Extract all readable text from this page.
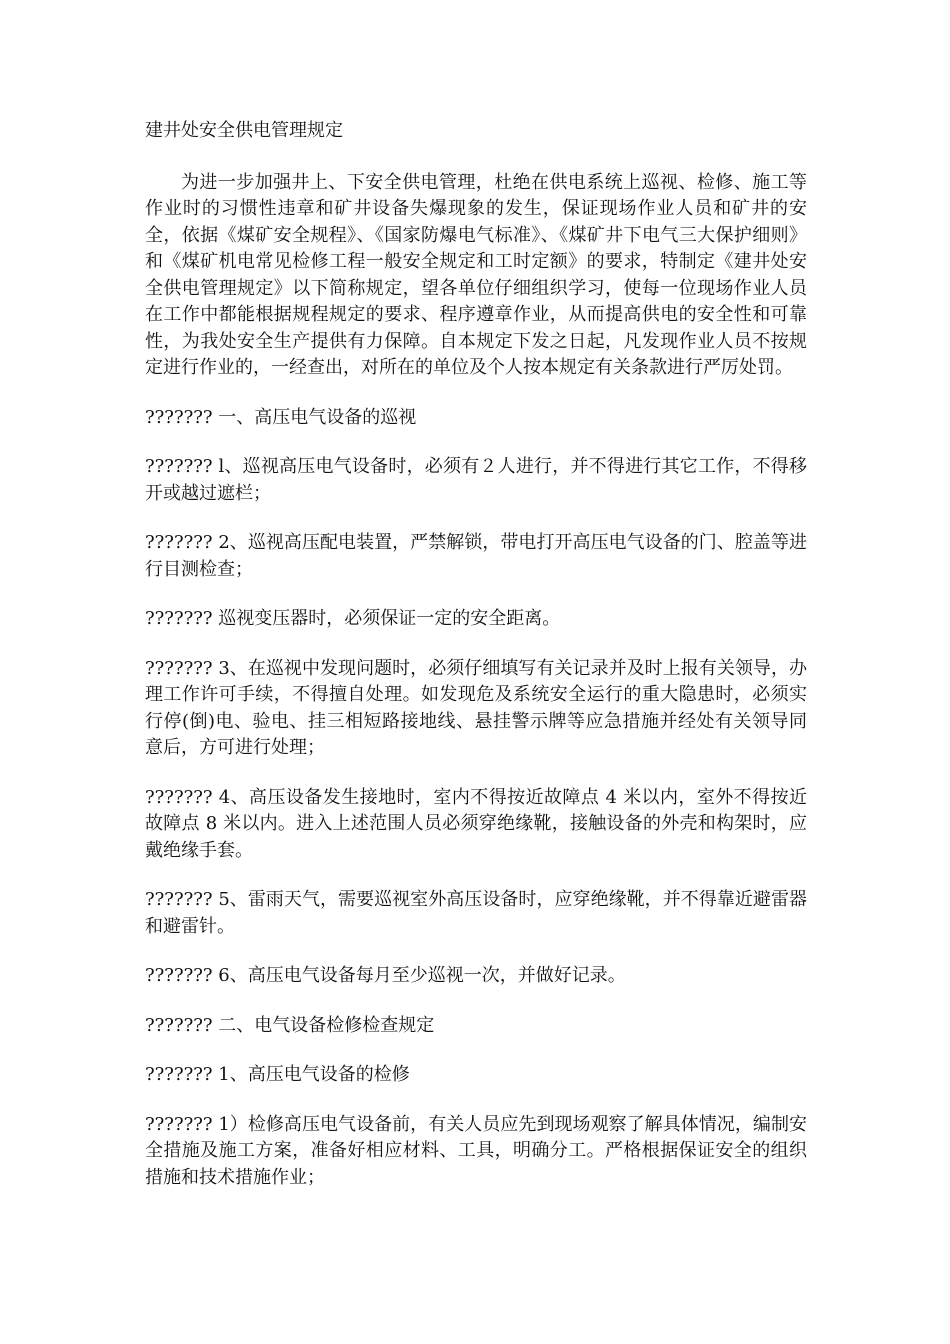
建井处安全供电管理规定

为进一步加强井上、下安全供电管理，杜绝在供电系统上巡视、检修、施工等作业时的习惯性违章和矿井设备失爆现象的发生，保证现场作业人员和矿井的安全，依据《煤矿安全规程》、《国家防爆电气标准》、《煤矿井下电气三大保护细则》和《煤矿机电常见检修工程一般安全规定和工时定额》的要求，特制定《建井处安全供电管理规定》以下简称规定，望各单位仔细组织学习，使每一位现场作业人员在工作中都能根据规程规定的要求、程序遵章作业，从而提高供电的安全性和可靠性，为我处安全生产提供有力保障。自本规定下发之日起，凡发现作业人员不按规定进行作业的，一经查出，对所在的单位及个人按本规定有关条款进行严厉处罚。

??????? 一、高压电气设备的巡视

??????? l、巡视高压电气设备时，必须有２人进行，并不得进行其它工作，不得移开或越过遮栏；

??????? 2、巡视高压配电装置，严禁解锁，带电打开高压电气设备的门、腔盖等进行目测检查；

??????? 巡视变压器时，必须保证一定的安全距离。

??????? 3、在巡视中发现问题时，必须仔细填写有关记录并及时上报有关领导，办理工作许可手续，不得擅自处理。如发现危及系统安全运行的重大隐患时，必须实行停(倒)电、验电、挂三相短路接地线、悬挂警示牌等应急措施并经处有关领导同意后，方可进行处理；

??????? 4、高压设备发生接地时，室内不得按近故障点 4 米以内，室外不得按近故障点 8 米以内。进入上述范围人员必须穿绝缘靴，接触设备的外壳和构架时，应戴绝缘手套。

??????? 5、雷雨天气，需要巡视室外高压设备时，应穿绝缘靴，并不得靠近避雷器和避雷针。

??????? 6、高压电气设备每月至少巡视一次，并做好记录。

??????? 二、电气设备检修检查规定

??????? 1、高压电气设备的检修

??????? 1）检修高压电气设备前，有关人员应先到现场观察了解具体情况，编制安全措施及施工方案，准备好相应材料、工具，明确分工。严格根据保证安全的组织措施和技术措施作业；
